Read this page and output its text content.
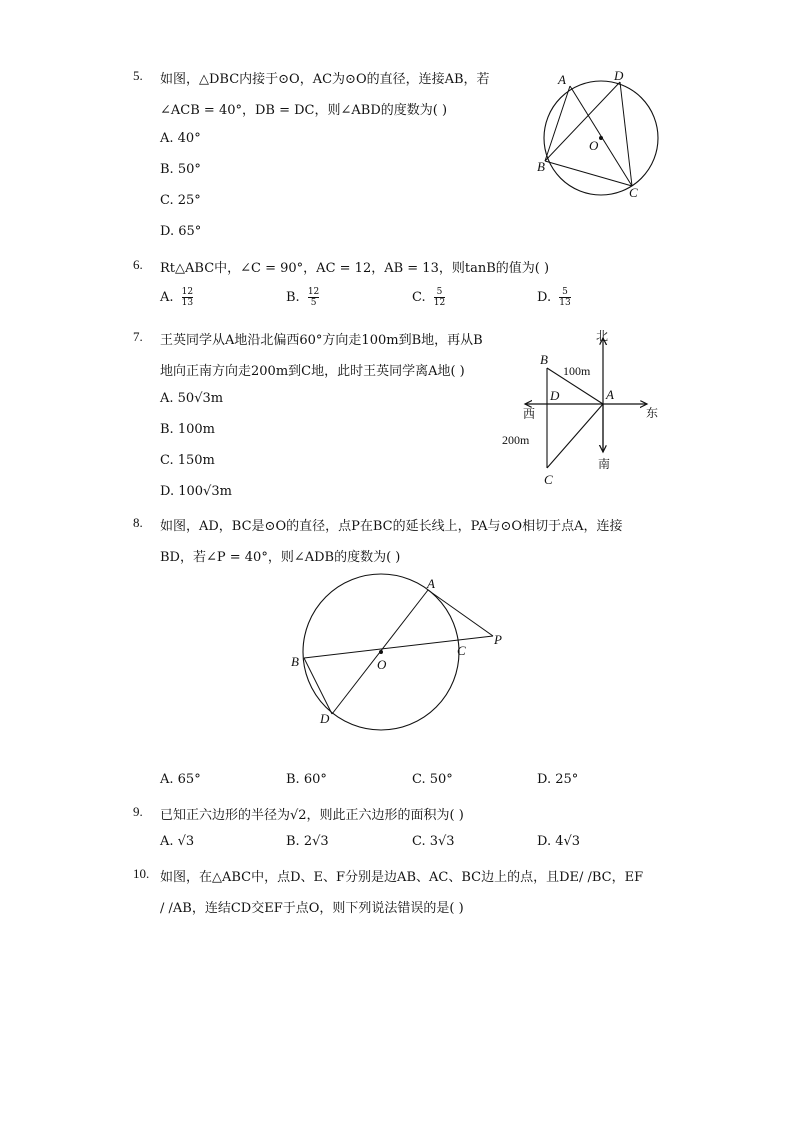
5. 如图，△DBC内接于⊙O，AC为⊙O的直径，连接AB，若
∠ACB = 40°，DB = DC，则∠ABD的度数为( )
A. 40°
B. 50°
C. 25°
D. 65°
A	D
O
B
C
6. Rt△ABC中，∠C = 90°，AC = 12，AB = 13，则tanB的值为( )
A. $\frac{12}{13}$	B. $\frac{12}{5}$	C. $\frac{5}{12}$	D. $\frac{5}{13}$
7. 王英同学从A地沿北偏西60°方向走100m到B地，再从B
地向正南方向走200m到C地，此时王英同学离A地( )
A. 50√3m
B. 100m
C. 150m
D. 100√3m
北
南
东
西
B
D	A
C
100m
200m
8. 如图，AD，BC是⊙O的直径，点P在BC的延长线上，PA与⊙O相切于点A，连接
BD，若∠P = 40°，则∠ADB的度数为( )
A
P
B	O
C
D
A. 65°	B. 60°	C. 50°	D. 25°
9. 已知正六边形的半径为√2，则此正六边形的面积为( )
A. √3	B. 2√3	C. 3√3	D. 4√3
10. 如图，在△ABC中，点D、E、F分别是边AB、AC、BC边上的点，且DE/ /BC，EF
/ /AB，连结CD交EF于点O，则下列说法错误的是( )
